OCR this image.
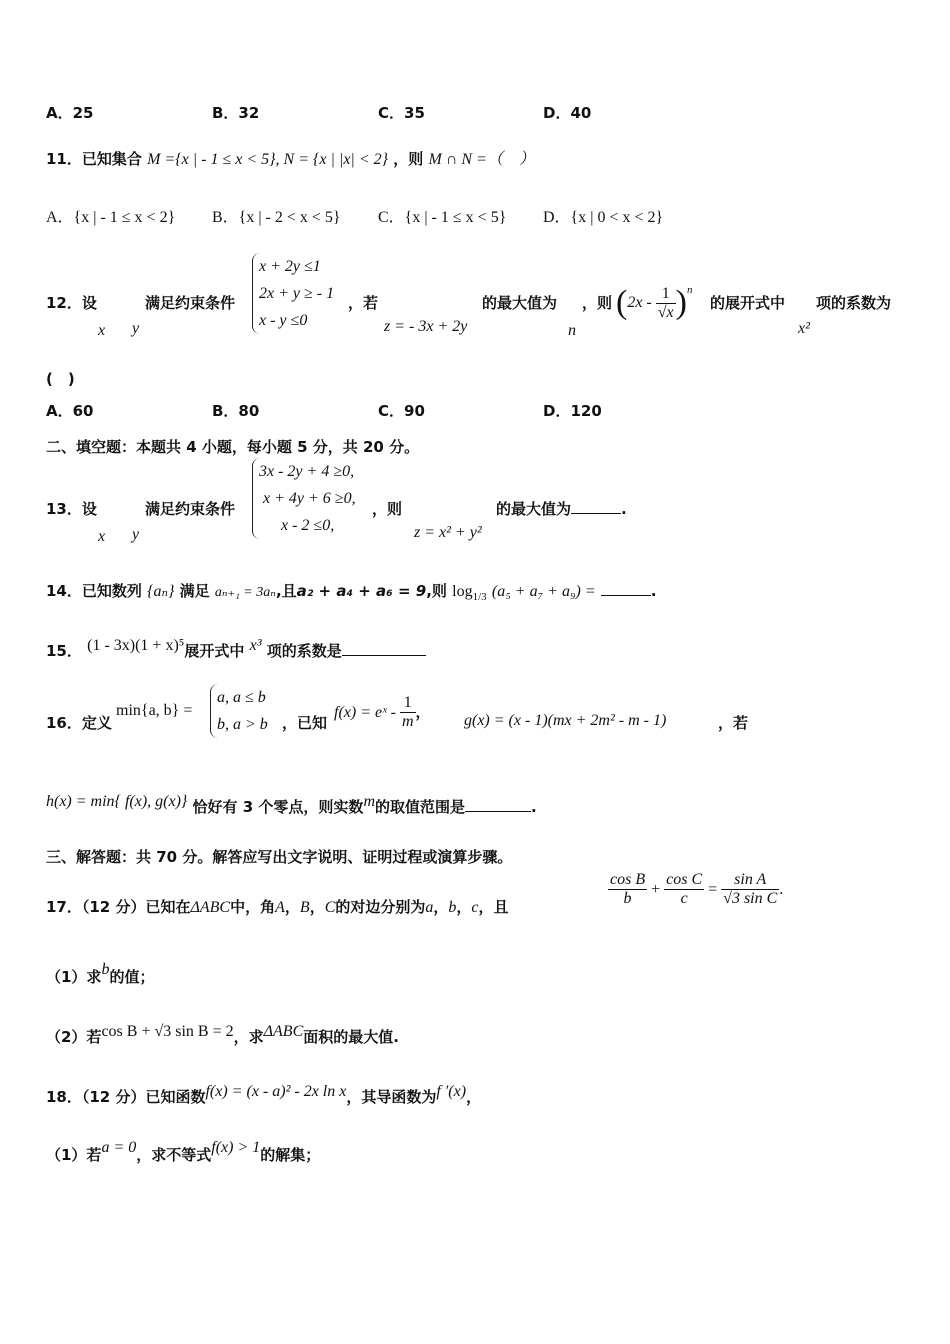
A．25	B．32	C．35	D．40
11．已知集合 M ={x | - 1 ≤ x < 5}, N = {x | |x| < 2} ，则 M ∩ N =（　）
A．{x | - 1 ≤ x < 2} B．{x | - 2 < x < 5} C．{x | - 1 ≤ x < 5} D．{x | 0 < x < 2}
12．设
x y
满足约束条件
x + 2y ≤1
2x + y ≥ - 1
x - y ≤0
，若
z = - 3x + 2y
的最大值为
n
，则 $(2x - \frac{1}{√x} )^n$
的展开式中
x²
项的系数为
(　)
A．60	B．80	C．90	D．120
二、填空题：本题共 4 小题，每小题 5 分，共 20 分。
13．设
x y
满足约束条件
3x - 2y + 4 ≥0,
x + 4y + 6 ≥0,
x - 2 ≤0,
，则
z = x² + y²
的最大值为	.
14．已知数列 {aₙ} 满足 aₙ₊₁ = 3aₙ,且a₂ + a₄ + a₆ = 9,则 $\log_{1/3} (a_5 + a_7 + a_9)$ =	.
15． (1 - 3x)(1 + x)⁵展开式中 x³ 项的系数是
16．定义
min{a, b} =
a, a ≤ b
b, a > b ，已知
f(x) = eˣ - $\frac{1}{m}$ ， g(x) = (x - 1)(mx + 2m² - m - 1)	，若
h(x) = min{ f(x), g(x)} 恰好有 3 个零点，则实数m的取值范围是	.
三、解答题：共 70 分。解答应写出文字说明、证明过程或演算步骤。
17．（12 分）已知在ΔABC中，角A，B，C的对边分别为a，b，c，且	$\frac{\text{cos B}}{b} + \frac{\text{cos C}}{c} = \frac{\text{sin A}}{\text{√3 sin C}}$ .
（1）求b的值；
（2）若cos B + √3 sin B = 2，求ΔABC面积的最大值.
18．（12 分）已知函数f(x) = (x - a)² - 2x ln x，其导函数为f ′(x)，
（1）若a = 0，求不等式f(x) > 1的解集；
